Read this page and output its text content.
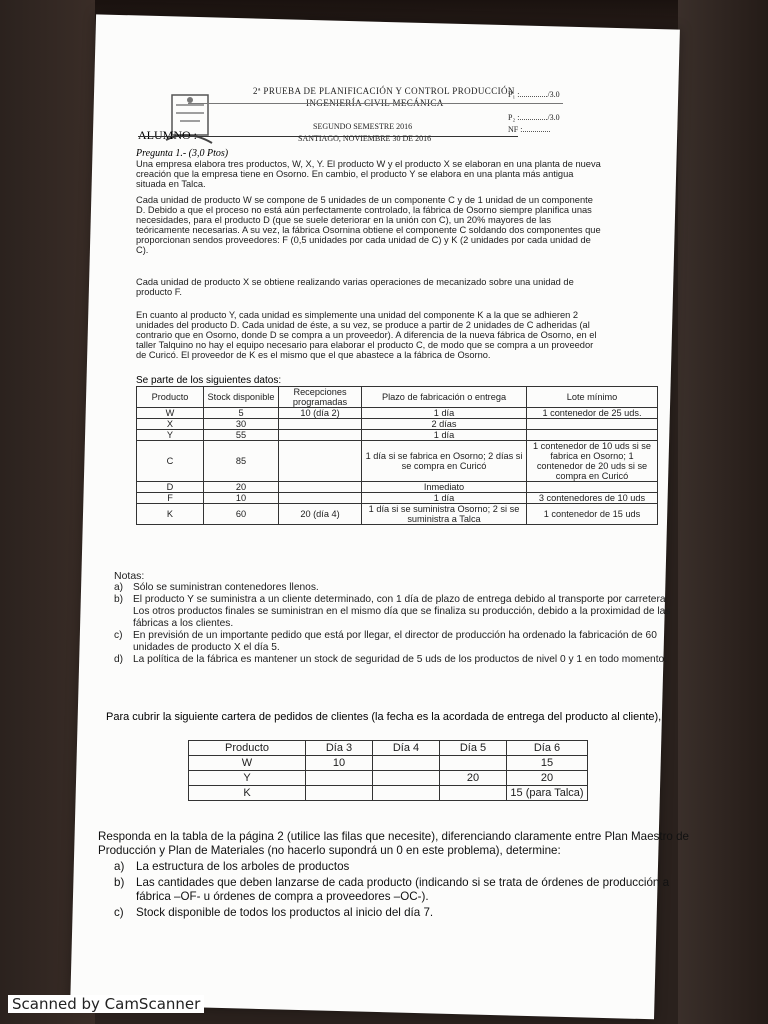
2ª PRUEBA DE PLANIFICACIÓN Y CONTROL PRODUCCIÓN
INGENIERÍA CIVIL MECÁNICA
SEGUNDO SEMESTRE 2016
SANTIAGO, NOVIEMBRE 30 DE 2016
P₁ :............../3.0
P₂ :............../3.0
NF :..............
ALUMNO :
Pregunta 1.- (3,0 Ptos)
Una empresa elabora tres productos, W, X, Y. El producto W y el producto X se elaboran en una planta de nueva creación que la empresa tiene en Osorno. En cambio, el producto Y se elabora en una planta más antigua situada en Talca.
Cada unidad de producto W se compone de 5 unidades de un componente C y de 1 unidad de un componente D. Debido a que el proceso no está aún perfectamente controlado, la fábrica de Osorno siempre planifica unas necesidades, para el producto D (que se suele deteriorar en la unión con C), un 20% mayores de las teóricamente necesarias. A su vez, la fábrica Osornina obtiene el componente C soldando dos componentes que proporcionan sendos proveedores: F (0,5 unidades por cada unidad de C) y K (2 unidades por cada unidad de C).
Cada unidad de producto X se obtiene realizando varias operaciones de mecanizado sobre una unidad de producto F.
En cuanto al producto Y, cada unidad es simplemente una unidad del componente K a la que se adhieren 2 unidades del producto D. Cada unidad de éste, a su vez, se produce a partir de 2 unidades de C adheridas (al contrario que en Osorno, donde D se compra a un proveedor). A diferencia de la nueva fábrica de Osorno, en el taller Talquino no hay el equipo necesario para elaborar el producto C, de modo que se compra a un proveedor de Curicó. El proveedor de K es el mismo que el que abastece a la fábrica de Osorno.
Se parte de los siguientes datos:
Producto	Stock disponible	Recepciones programadas	Plazo de fabricación o entrega	Lote mínimo
W	5	10 (día 2)	1 día	1 contenedor de 25 uds.
X	30		2 días	
Y	55		1 día	
C	85		1 día si se fabrica en Osorno; 2 días si se compra en Curicó	1 contenedor de 10 uds si se fabrica en Osorno; 1 contenedor de 20 uds si se compra en Curicó
D	20		Inmediato	
F	10		1 día	3 contenedores de 10 uds
K	60	20 (día 4)	1 día si se suministra Osorno; 2 si se suministra a Talca	1 contenedor de 15 uds
Notas:

a) Sólo se suministran contenedores llenos.

b) El producto Y se suministra a un cliente determinado, con 1 día de plazo de entrega debido al transporte por carretera. Los otros productos finales se suministran en el mismo día que se finaliza su producción, debido a la proximidad de las fábricas a los clientes.

c) En previsión de un importante pedido que está por llegar, el director de producción ha ordenado la fabricación de 60 unidades de producto X el día 5.

d) La política de la fábrica es mantener un stock de seguridad de 5 uds de los productos de nivel 0 y 1 en todo momento.

Para cubrir la siguiente cartera de pedidos de clientes (la fecha es la acordada de entrega del producto al cliente),
Producto	Día 3	Día 4	Día 5	Día 6
W	10			15
Y			20	20
K				15 (para Talca)
Responda en la tabla de la página 2 (utilice las filas que necesite), diferenciando claramente entre Plan Maestro de Producción y Plan de Materiales (no hacerlo supondrá un 0 en este problema), determine:

a) La estructura de los arboles de productos

b) Las cantidades que deben lanzarse de cada producto (indicando si se trata de órdenes de producción a fábrica –OF- u órdenes de compra a proveedores –OC-).

c) Stock disponible de todos los productos al inicio del día 7.

Scanned by CamScanner
